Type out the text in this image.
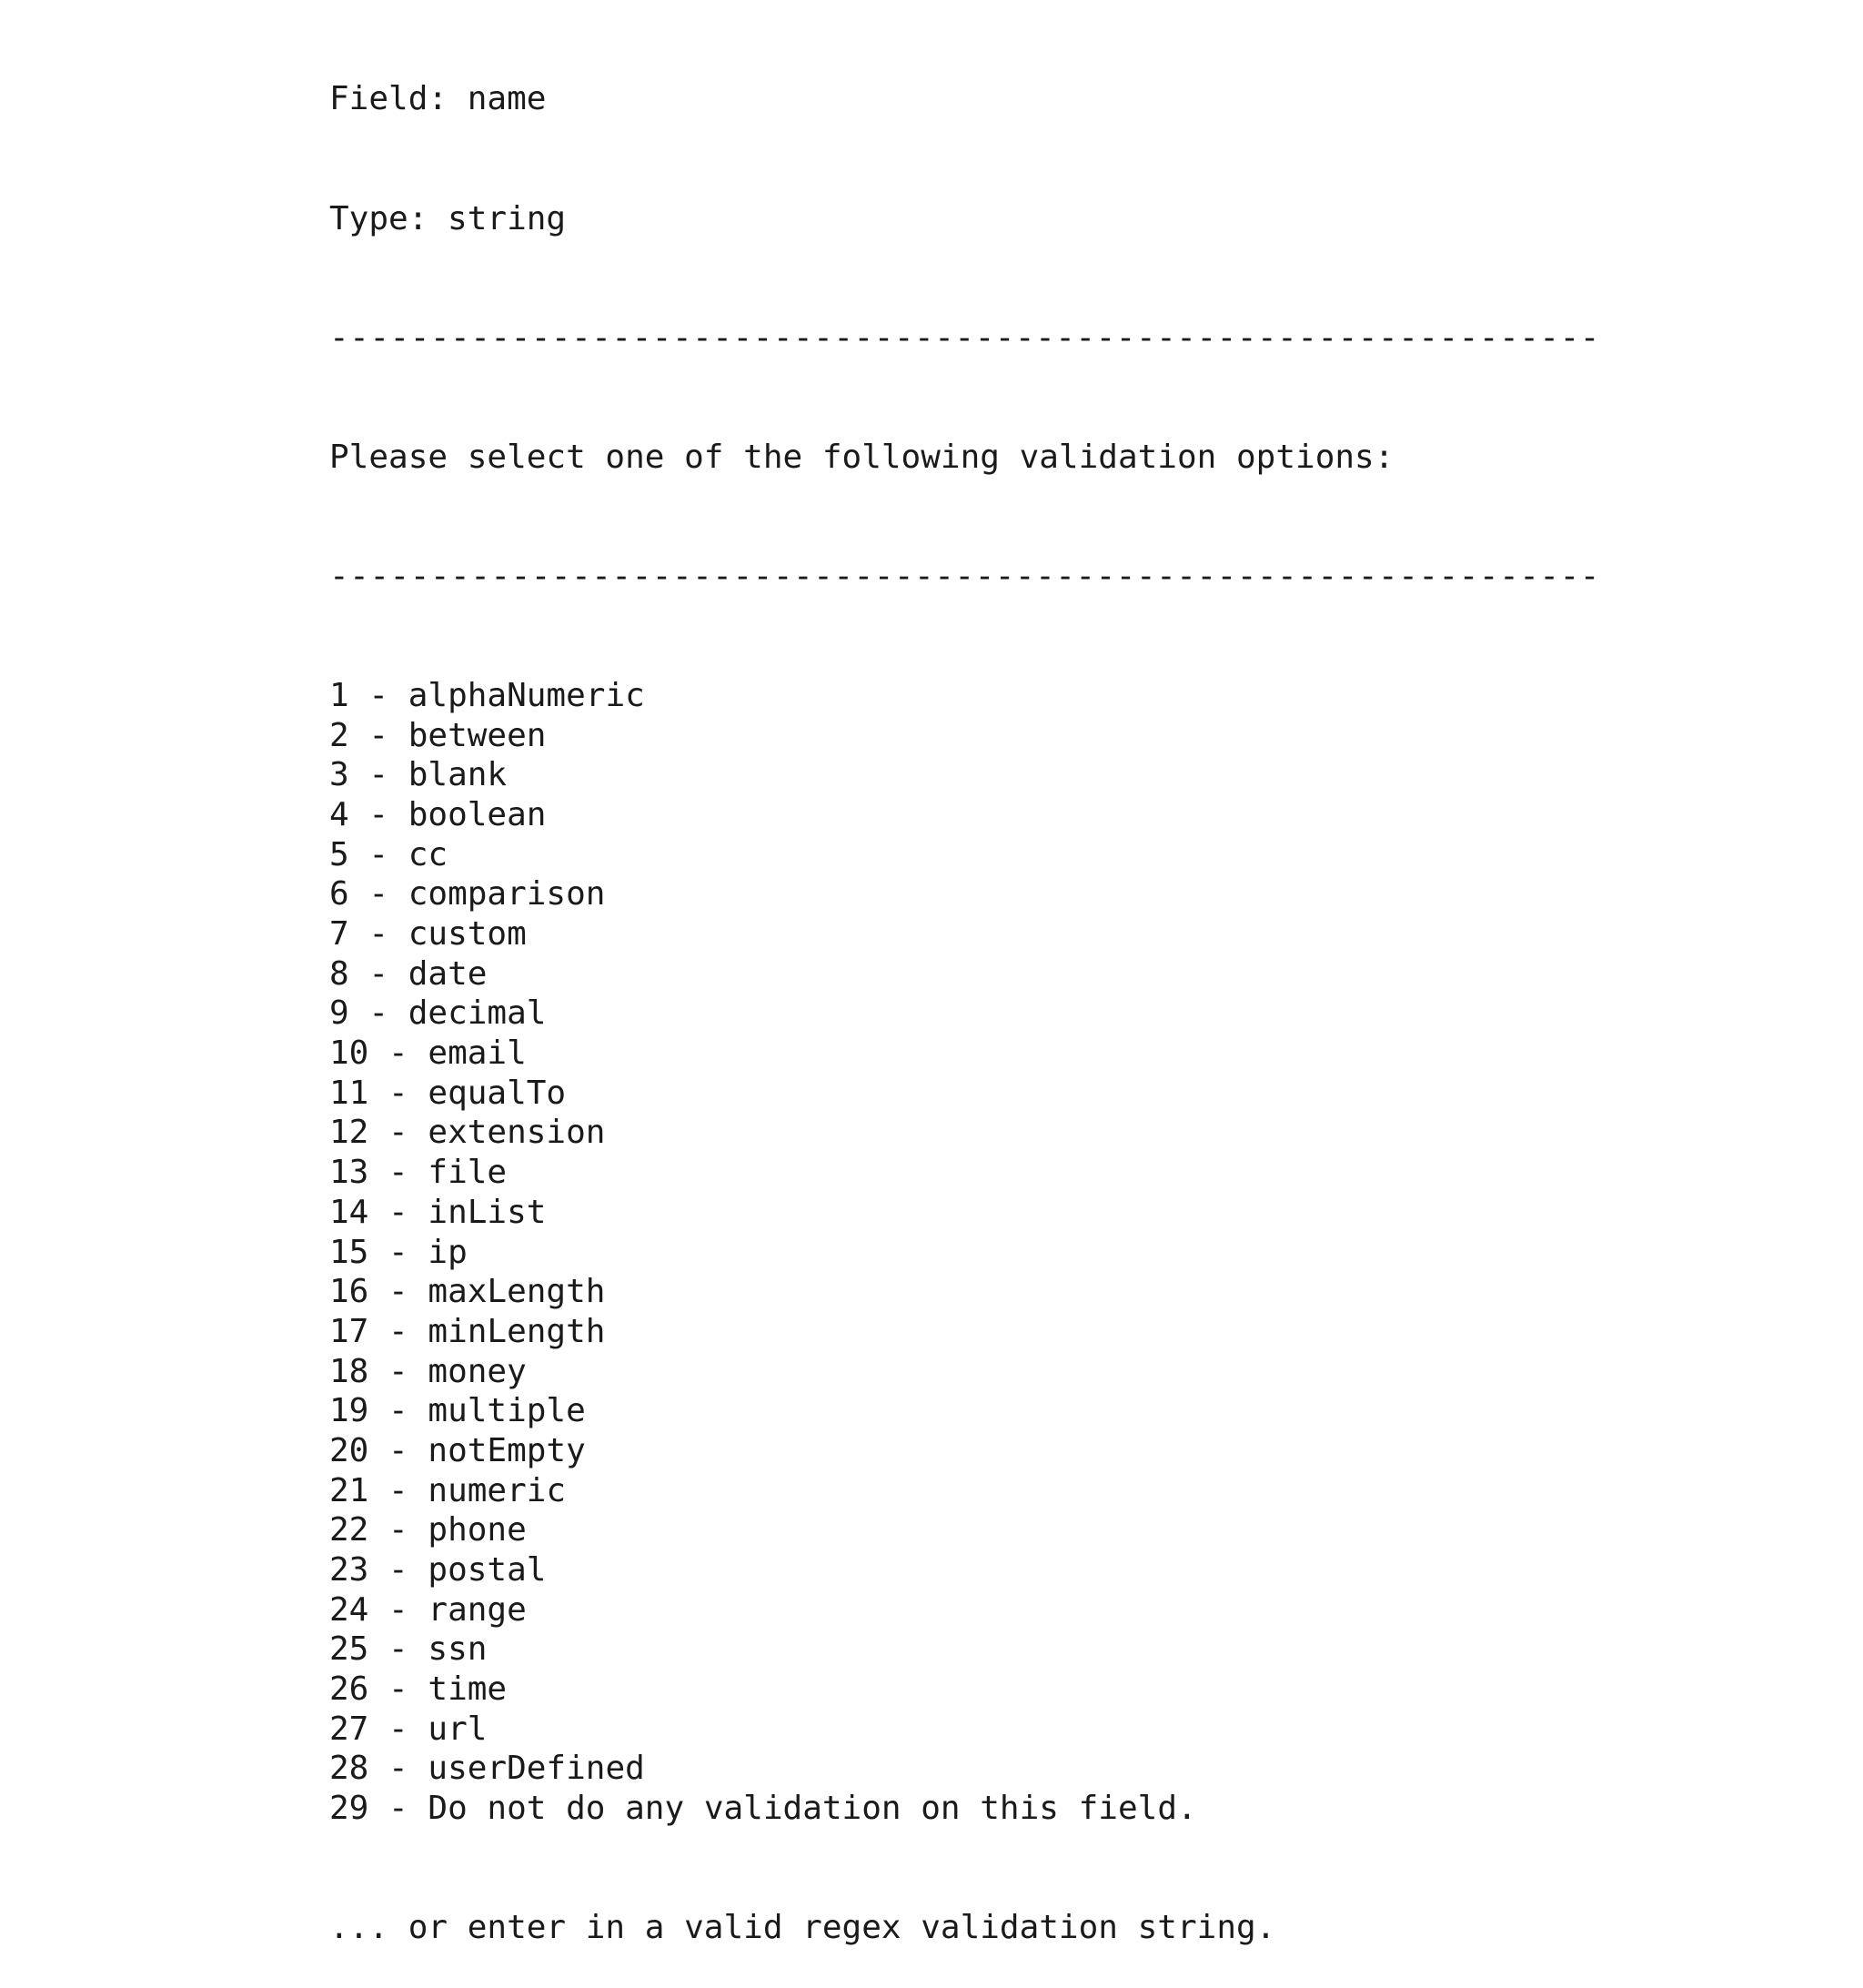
Field: name

Type: string

---------------------------------------------------------------

Please select one of the following validation options:

---------------------------------------------------------------

1 - alphaNumeric
2 - between
3 - blank
4 - boolean
5 - cc
6 - comparison
7 - custom
8 - date
9 - decimal
10 - email
11 - equalTo
12 - extension
13 - file
14 - inList
15 - ip
16 - maxLength
17 - minLength
18 - money
19 - multiple
20 - notEmpty
21 - numeric
22 - phone
23 - postal
24 - range
25 - ssn
26 - time
27 - url
28 - userDefined
29 - Do not do any validation on this field.

... or enter in a valid regex validation string.
